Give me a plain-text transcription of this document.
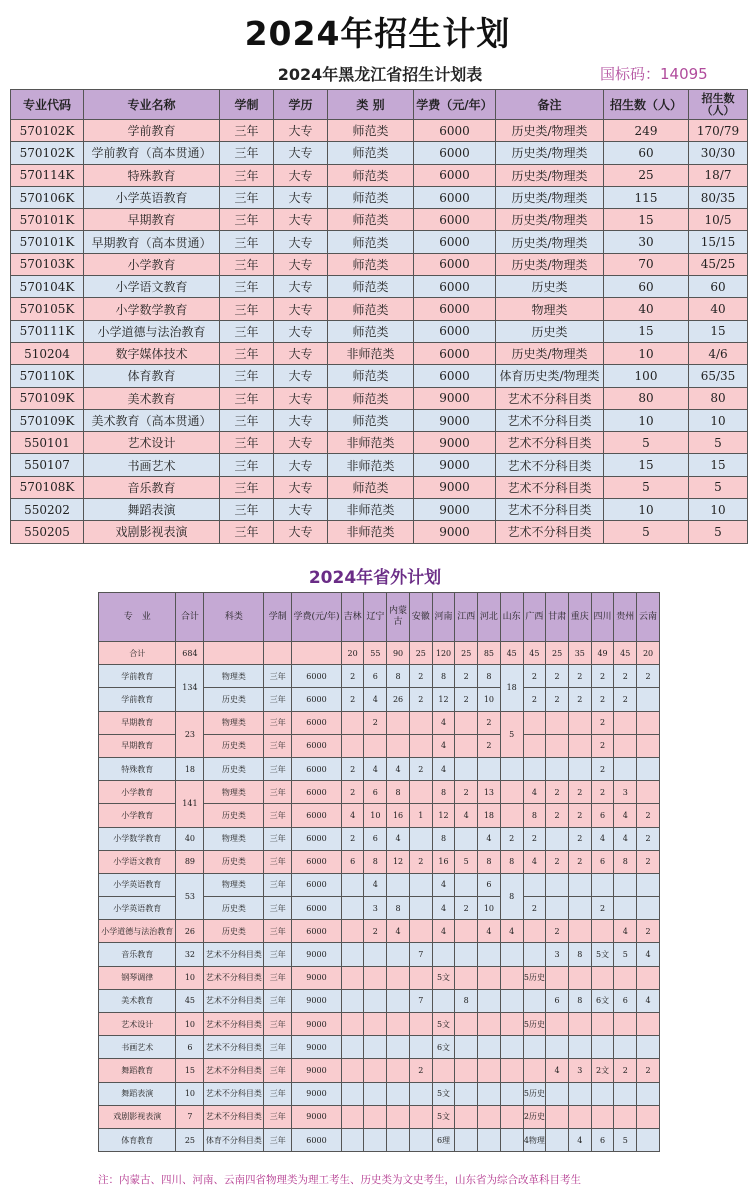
2024年招生计划
2024年黑龙江省招生计划表	国标码：14095
专业代码	专业名称	学制	学历	类 别	学费（元/年）	备注	招生数（人）	招生数（人）
570102K	学前教育	三年	大专	师范类	6000	历史类/物理类	249	170/79
570102K	学前教育（高本贯通）	三年	大专	师范类	6000	历史类/物理类	60	30/30
570114K	特殊教育	三年	大专	师范类	6000	历史类/物理类	25	18/7
570106K	小学英语教育	三年	大专	师范类	6000	历史类/物理类	115	80/35
570101K	早期教育	三年	大专	师范类	6000	历史类/物理类	15	10/5
570101K	早期教育（高本贯通）	三年	大专	师范类	6000	历史类/物理类	30	15/15
570103K	小学教育	三年	大专	师范类	6000	历史类/物理类	70	45/25
570104K	小学语文教育	三年	大专	师范类	6000	历史类	60	60
570105K	小学数学教育	三年	大专	师范类	6000	物理类	40	40
570111K	小学道德与法治教育	三年	大专	师范类	6000	历史类	15	15
510204	数字媒体技术	三年	大专	非师范类	6000	历史类/物理类	10	4/6
570110K	体育教育	三年	大专	师范类	6000	体育历史类/物理类	100	65/35
570109K	美术教育	三年	大专	师范类	9000	艺术不分科目类	80	80
570109K	美术教育（高本贯通）	三年	大专	师范类	9000	艺术不分科目类	10	10
550101	艺术设计	三年	大专	非师范类	9000	艺术不分科目类	5	5
550107	书画艺术	三年	大专	非师范类	9000	艺术不分科目类	15	15
570108K	音乐教育	三年	大专	师范类	9000	艺术不分科目类	5	5
550202	舞蹈表演	三年	大专	非师范类	9000	艺术不分科目类	10	10
550205	戏剧影视表演	三年	大专	非师范类	9000	艺术不分科目类	5	5
2024年省外计划
专　业	合计	科类	学制	学费(元/年)	吉林	辽宁	内蒙古	安徽	河南	江西	河北	山东	广西	甘肃	重庆	四川	贵州	云南
合计	684				20	55	90	25	120	25	85	45	45	25	35	49	45	20
学前教育	134	物理类	三年	6000	2	6	8	2	8	2	8	18	2	2	2	2	2	2
学前教育		历史类	三年	6000	2	4	26	2	12	2	10		2	2	2	2	2	
早期教育	23	物理类	三年	6000		2			4		2	5				2		
早期教育		历史类	三年	6000					4		2					2		
特殊教育	18	历史类	三年	6000	2	4	4	2	4							2		
小学教育	141	物理类	三年	6000	2	6	8		8	2	13		4	2	2	2	3	
小学教育		历史类	三年	6000	4	10	16	1	12	4	18		8	2	2	6	4	2
小学数学教育	40	物理类	三年	6000	2	6	4		8		4	2	2		2	4	4	2
小学语文教育	89	历史类	三年	6000	6	8	12	2	16	5	8	8	4	2	2	6	8	2
小学英语教育	53	物理类	三年	6000		4			4		6	8						
小学英语教育		历史类	三年	6000		3	8		4	2	10		2			2		
小学道德与法治教育	26	历史类	三年	6000		2	4		4		4	4		2			4	2
音乐教育	32	艺术不分科目类	三年	9000				7						3	8	5文	5	4
钢琴调律	10	艺术不分科目类	三年	9000					5文				5历史					
美术教育	45	艺术不分科目类	三年	9000				7		8				6	8	6文	6	4
艺术设计	10	艺术不分科目类	三年	9000					5文				5历史					
书画艺术	6	艺术不分科目类	三年	9000					6文									
舞蹈教育	15	艺术不分科目类	三年	9000				2						4	3	2文	2	2
舞蹈表演	10	艺术不分科目类	三年	9000					5文				5历史					
戏剧影视表演	7	艺术不分科目类	三年	9000					5文				2历史					
体育教育	25	体育不分科目类	三年	6000					6理				4物理		4	6	5	
注：内蒙古、四川、河南、云南四省物理类为理工考生、历史类为文史考生，山东省为综合改革科目考生
